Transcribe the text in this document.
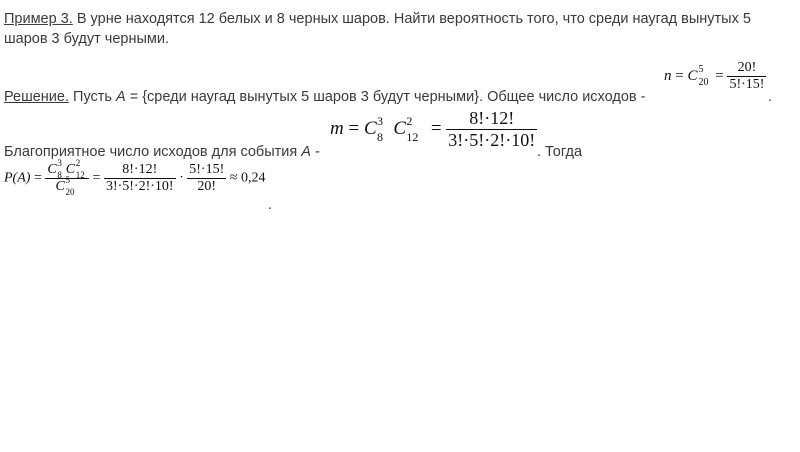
Пример 3. В урне находятся 12 белых и 8 черных шаров. Найти вероятность того, что среди наугад вынутых 5
шаров 3 будут черными.
Решение. Пусть A = {среди наугад вынутых 5 шаров 3 будут черными}. Общее число исходов -	.
n = C 5
$20 = \frac{20!}{5!\cdot 15!}$
m = C 3
8 C 2
$12 = \frac{8!\cdot 12!}{3!\cdot 5!\cdot 2!\cdot 10!}$
Благоприятное число исходов для события A -	. Тогда
P(A) = C 3
8 C 2
12
C 5
$20 = \frac{8!\cdot 12!}{3!\cdot 5!\cdot 2!\cdot 10!} \cdot \frac{5!\cdot 15!}{20!} \approx 0,24$
.
